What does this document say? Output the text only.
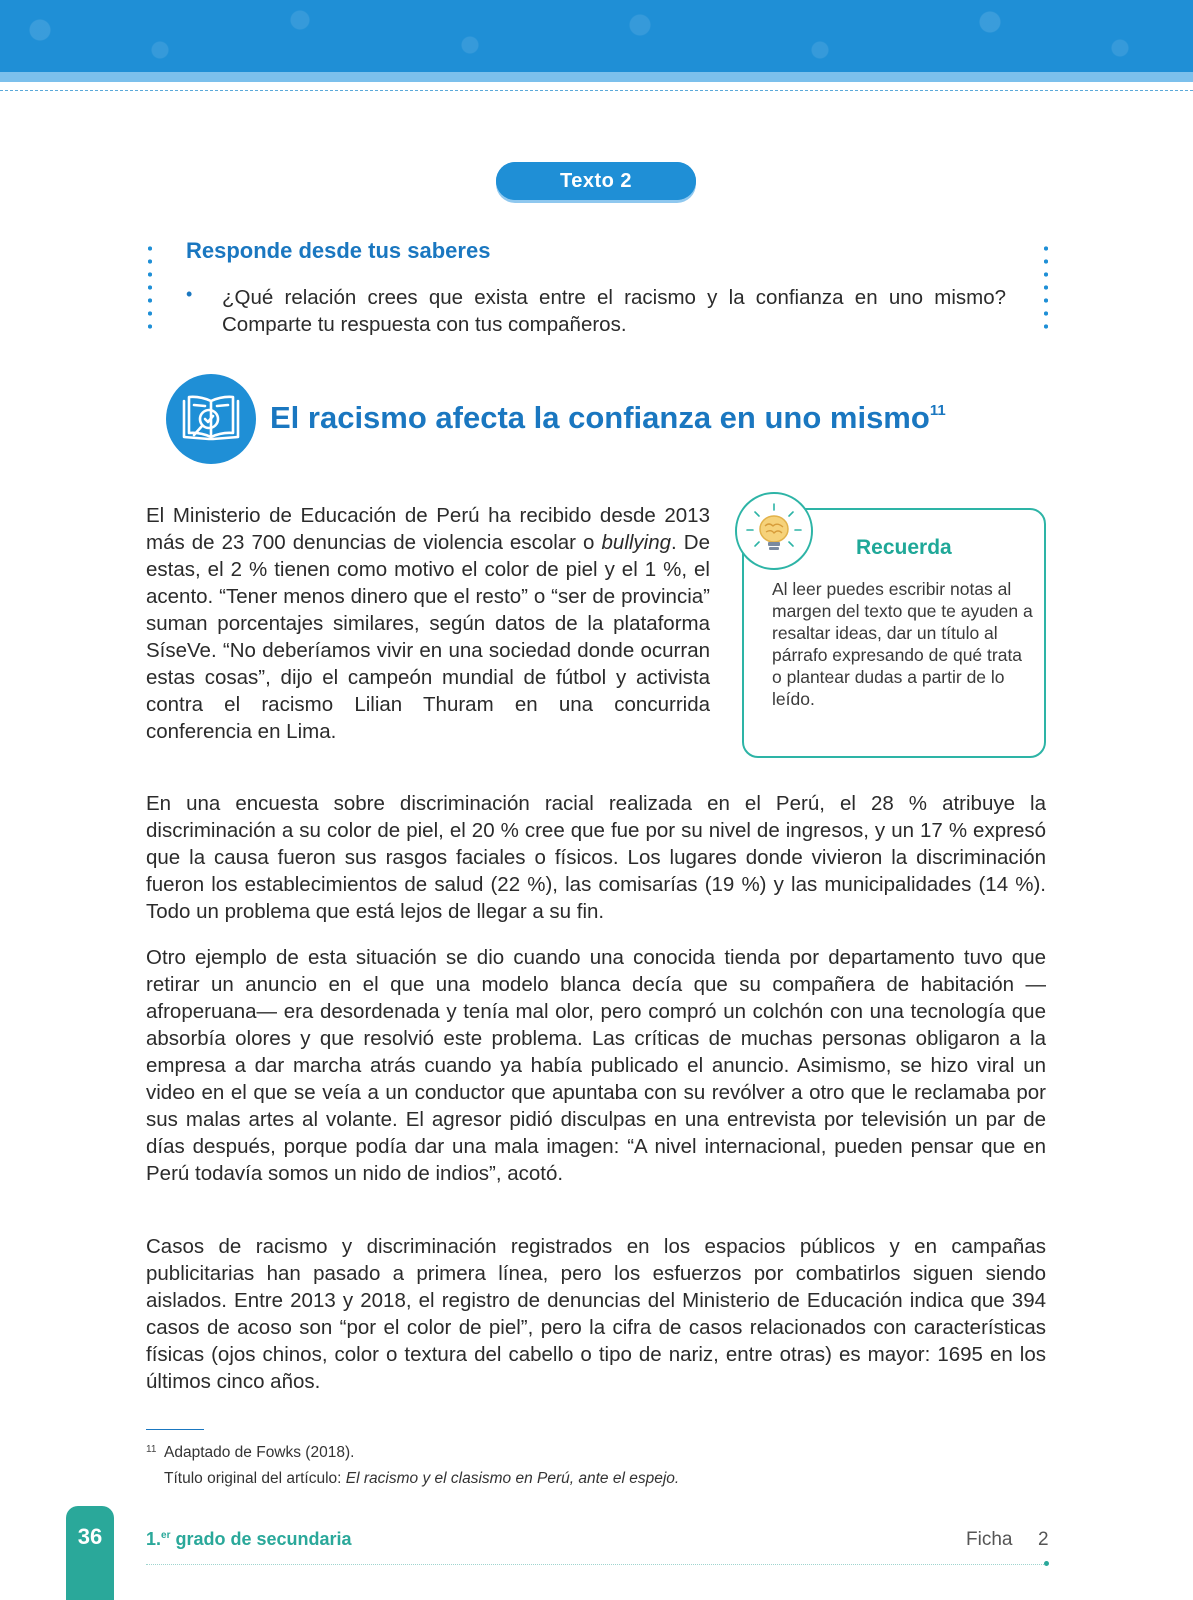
Texto 2
Responde desde tus saberes
• ¿Qué relación crees que exista entre el racismo y la confianza en uno mismo? Comparte tu respuesta con tus compañeros.
El racismo afecta la confianza en uno mismo$^{11}$
El Ministerio de Educación de Perú ha recibido desde 2013 más de 23 700 denuncias de violencia escolar o bullying. De estas, el 2 % tienen como motivo el color de piel y el 1 %, el acento. “Tener menos dinero que el resto” o “ser de provincia” suman porcentajes similares, según datos de la plataforma SíseVe. “No deberíamos vivir en una sociedad donde ocurran estas cosas”, dijo el campeón mundial de fútbol y activista contra el racismo Lilian Thuram en una concurrida conferencia en Lima.
Recuerda
Al leer puedes escribir notas al margen del texto que te ayuden a resaltar ideas, dar un título al párrafo expresando de qué trata o plantear dudas a partir de lo leído.
En una encuesta sobre discriminación racial realizada en el Perú, el 28 % atribuye la discriminación a su color de piel, el 20 % cree que fue por su nivel de ingresos, y un 17 % expresó que la causa fueron sus rasgos faciales o físicos. Los lugares donde vivieron la discriminación fueron los establecimientos de salud (22 %), las comisarías (19 %) y las municipalidades (14 %). Todo un problema que está lejos de llegar a su fin.
Otro ejemplo de esta situación se dio cuando una conocida tienda por departamento tuvo que retirar un anuncio en el que una modelo blanca decía que su compañera de habitación —afroperuana— era desordenada y tenía mal olor, pero compró un colchón con una tecnología que absorbía olores y que resolvió este problema. Las críticas de muchas personas obligaron a la empresa a dar marcha atrás cuando ya había publicado el anuncio. Asimismo, se hizo viral un video en el que se veía a un conductor que apuntaba con su revólver a otro que le reclamaba por sus malas artes al volante. El agresor pidió disculpas en una entrevista por televisión un par de días después, porque podía dar una mala imagen: “A nivel internacional, pueden pensar que en Perú todavía somos un nido de indios”, acotó.
Casos de racismo y discriminación registrados en los espacios públicos y en campañas publicitarias han pasado a primera línea, pero los esfuerzos por combatirlos siguen siendo aislados. Entre 2013 y 2018, el registro de denuncias del Ministerio de Educación indica que 394 casos de acoso son “por el color de piel”, pero la cifra de casos relacionados con características físicas (ojos chinos, color o textura del cabello o tipo de nariz, entre otras) es mayor: 1695 en los últimos cinco años.
11 Adaptado de Fowks (2018).
Título original del artículo: El racismo y el clasismo en Perú, ante el espejo.
36	1.$^{er}$ grado de secundaria	Ficha 2
